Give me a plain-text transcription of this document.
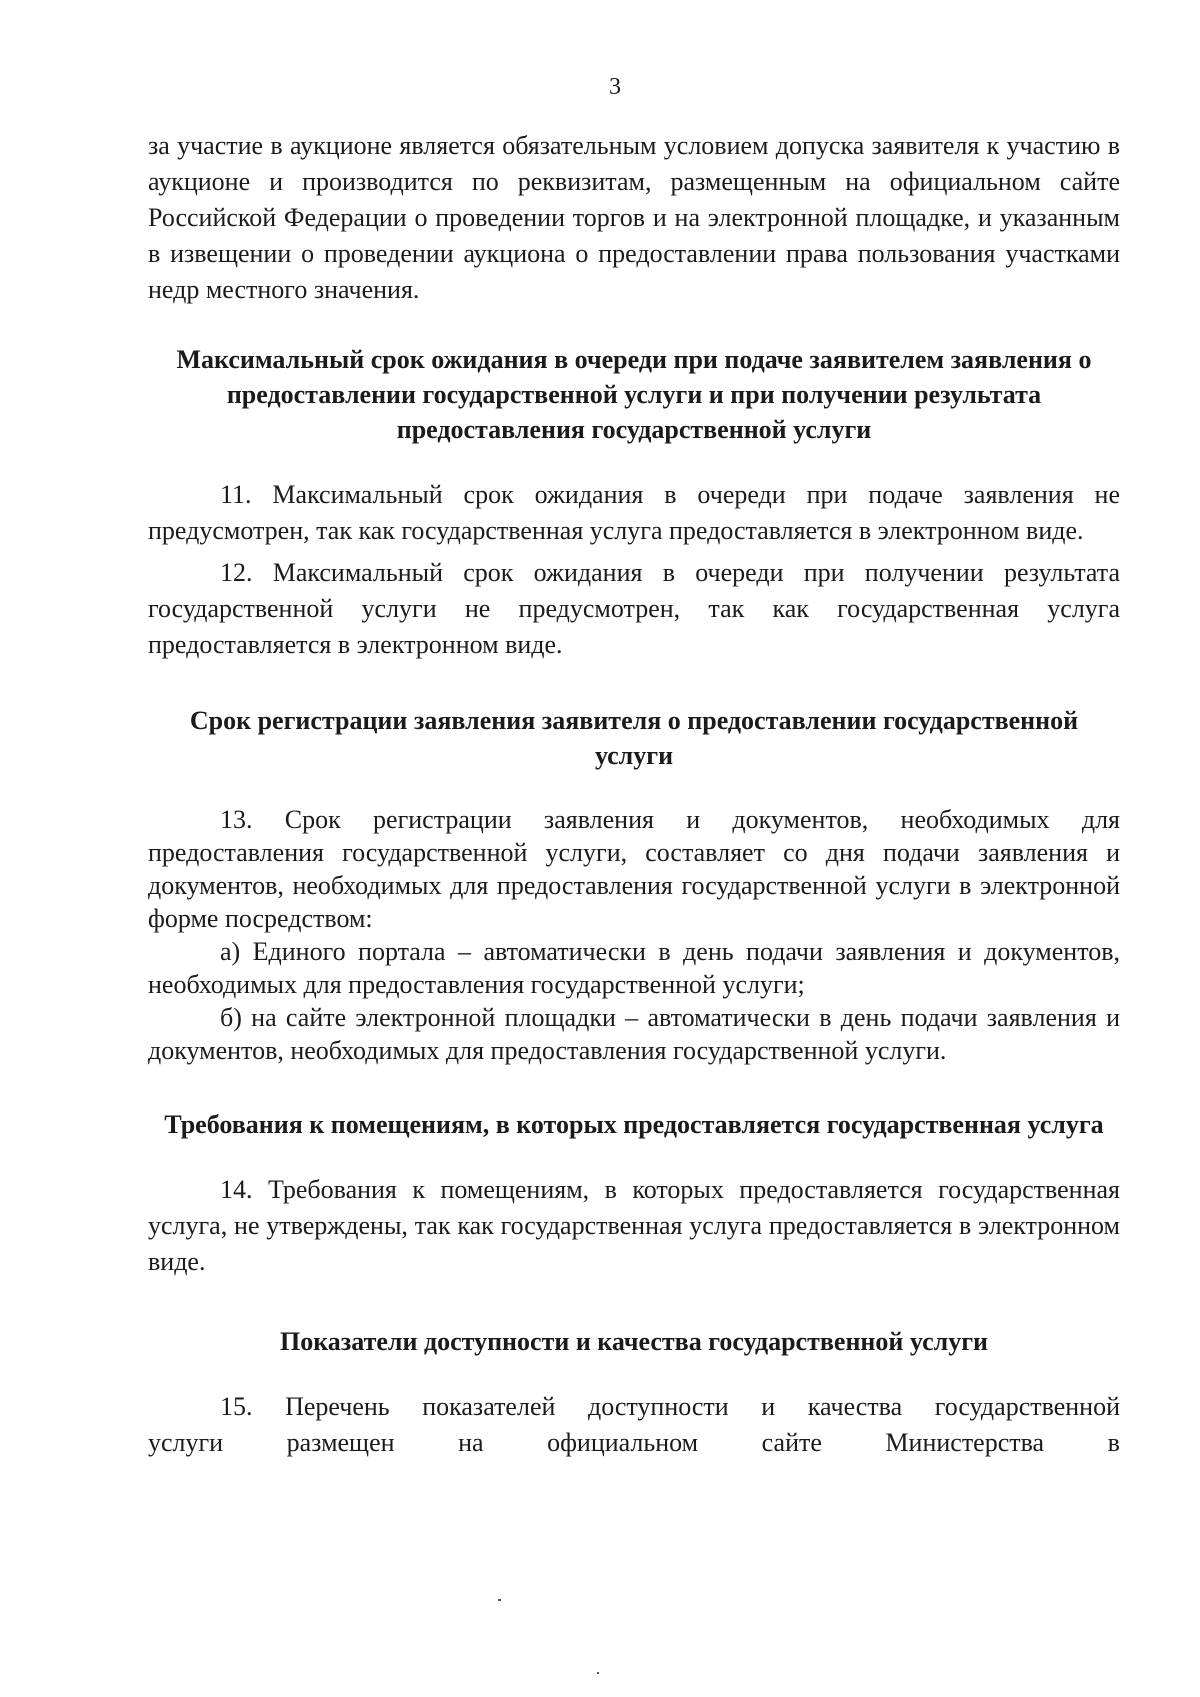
3

за участие в аукционе является обязательным условием допуска заявителя к участию в аукционе и производится по реквизитам, размещенным на официальном сайте Российской Федерации о проведении торгов и на электронной площадке, и указанным в извещении о проведении аукциона о предоставлении права пользования участками недр местного значения.

Максимальный срок ожидания в очереди при подаче заявителем заявления о предоставлении государственной услуги и при получении результата предоставления государственной услуги

11. Максимальный срок ожидания в очереди при подаче заявления не предусмотрен, так как государственная услуга предоставляется в электронном виде.

12. Максимальный срок ожидания в очереди при получении результата государственной услуги не предусмотрен, так как государственная услуга предоставляется в электронном виде.

Срок регистрации заявления заявителя о предоставлении государственной услуги

13. Срок регистрации заявления и документов, необходимых для предоставления государственной услуги, составляет со дня подачи заявления и документов, необходимых для предоставления государственной услуги в электронной форме посредством:

а) Единого портала – автоматически в день подачи заявления и документов, необходимых для предоставления государственной услуги;

б) на сайте электронной площадки – автоматически в день подачи заявления и документов, необходимых для предоставления государственной услуги.

Требования к помещениям, в которых предоставляется государственная услуга

14. Требования к помещениям, в которых предоставляется государственная услуга, не утверждены, так как государственная услуга предоставляется в электронном виде.

Показатели доступности и качества государственной услуги

15. Перечень показателей доступности и качества государственной

услуги размещен на официальном сайте Министерства в
